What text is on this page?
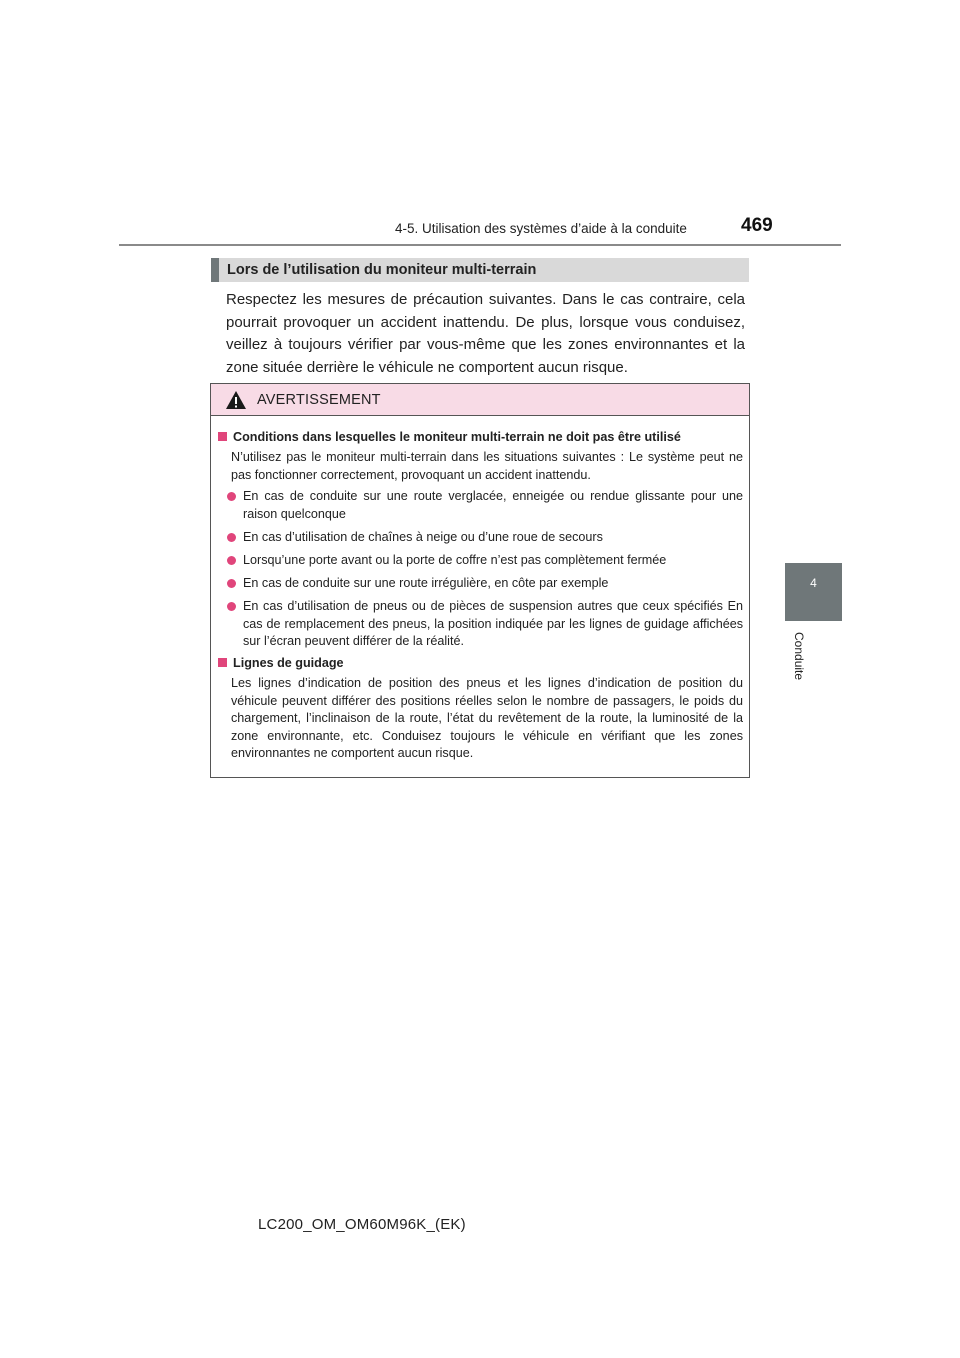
4-5. Utilisation des systèmes d’aide à la conduite	469
4
Conduite
Lors de l’utilisation du moniteur multi-terrain

Respectez les mesures de précaution suivantes. Dans le cas contraire, cela pourrait provoquer un accident inattendu. De plus, lorsque vous conduisez, veillez à toujours vérifier par vous-même que les zones environnantes et la zone située derrière le véhicule ne comportent aucun risque.

AVERTISSEMENT
Conditions dans lesquelles le moniteur multi-terrain ne doit pas être utilisé

N’utilisez pas le moniteur multi-terrain dans les situations suivantes : Le système peut ne pas fonctionner correctement, provoquant un accident inattendu.

En cas de conduite sur une route verglacée, enneigée ou rendue glissante pour une raison quelconque

En cas d’utilisation de chaînes à neige ou d’une roue de secours

Lorsqu’une porte avant ou la porte de coffre n’est pas complètement fermée

En cas de conduite sur une route irrégulière, en côte par exemple

En cas d’utilisation de pneus ou de pièces de suspension autres que ceux spécifiés En cas de remplacement des pneus, la position indiquée par les lignes de guidage affichées sur l’écran peuvent différer de la réalité.

Lignes de guidage

Les lignes d’indication de position des pneus et les lignes d’indication de position du véhicule peuvent différer des positions réelles selon le nombre de passagers, le poids du chargement, l’inclinaison de la route, l’état du revêtement de la route, la luminosité de la zone environnante, etc. Conduisez toujours le véhicule en vérifiant que les zones environnantes ne comportent aucun risque.

LC200_OM_OM60M96K_(EK)
